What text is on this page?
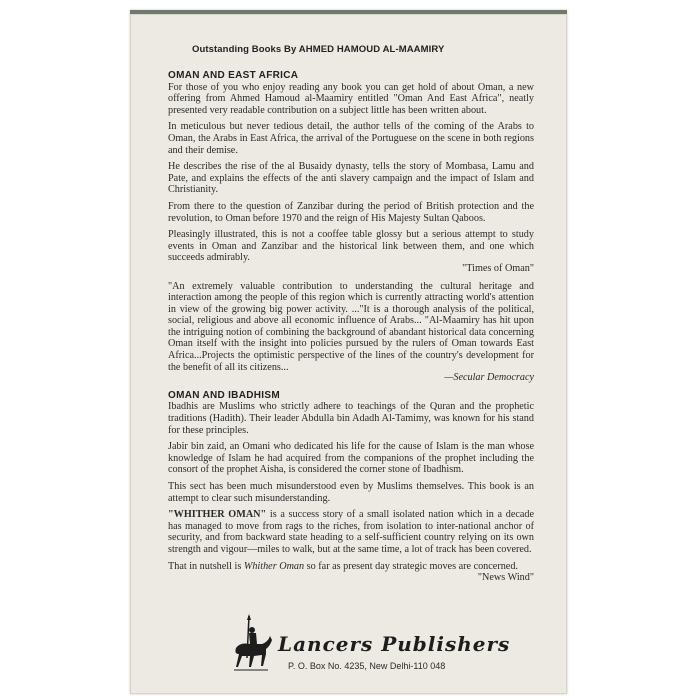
Outstanding Books By AHMED HAMOUD AL-MAAMIRY
OMAN AND EAST AFRICA

For those of you who enjoy reading any book you can get hold of about Oman, a new offering from Ahmed Hamoud al-Maamiry entitled "Oman And East Africa", neatly presented very readable contribution on a subject little has been written about.

In meticulous but never tedious detail, the author tells of the coming of the Arabs to Oman, the Arabs in East Africa, the arrival of the Portuguese on the scene in both regions and their demise.

He describes the rise of the al Busaidy dynasty, tells the story of Mombasa, Lamu and Pate, and explains the effects of the anti slavery campaign and the impact of Islam and Christianity.

From there to the question of Zanzibar during the period of British protection and the revolution, to Oman before 1970 and the reign of His Majesty Sultan Qaboos.

Pleasingly illustrated, this is not a cooffee table glossy but a serious attempt to study events in Oman and Zanzibar and the historical link between them, and one which succeeds admirably.

"Times of Oman"

"An extremely valuable contribution to understanding the cultural heritage and interaction among the people of this region which is currently attracting world's attention in view of the growing big power activity. ..."It is a thorough analysis of the political, social, religious and above all economic influence of Arabs... "Al-Maamiry has hit upon the intriguing notion of combining the background of abandant historical data concerning Oman itself with the insight into policies pursued by the rulers of Oman towards East Africa...Projects the optimistic perspective of the lines of the country's development for the benefit of all its citizens...

—Secular Democracy
OMAN AND IBADHISM

Ibadhis are Muslims who strictly adhere to teachings of the Quran and the prophetic traditions (Hadith). Their leader Abdulla bin Adadh Al-Tamimy, was known for his stand for these principles.

Jabir bin zaid, an Omani who dedicated his life for the cause of Islam is the man whose knowledge of Islam he had acquired from the companions of the prophet including the consort of the prophet Aisha, is considered the corner stone of Ibadhism.

This sect has been much misunderstood even by Muslims themselves. This book is an attempt to clear such misunderstanding.

"WHITHER OMAN" is a success story of a small isolated nation which in a decade has managed to move from rags to the riches, from isolation to inter-national anchor of security, and from backward state heading to a self-sufficient country relying on its own strength and vigour—miles to walk, but at the same time, a lot of track has been covered.

That in nutshell is Whither Oman so far as present day strategic moves are concerned.

"News Wind"
Lancers Publishers
P. O. Box No. 4235, New Delhi-110 048
